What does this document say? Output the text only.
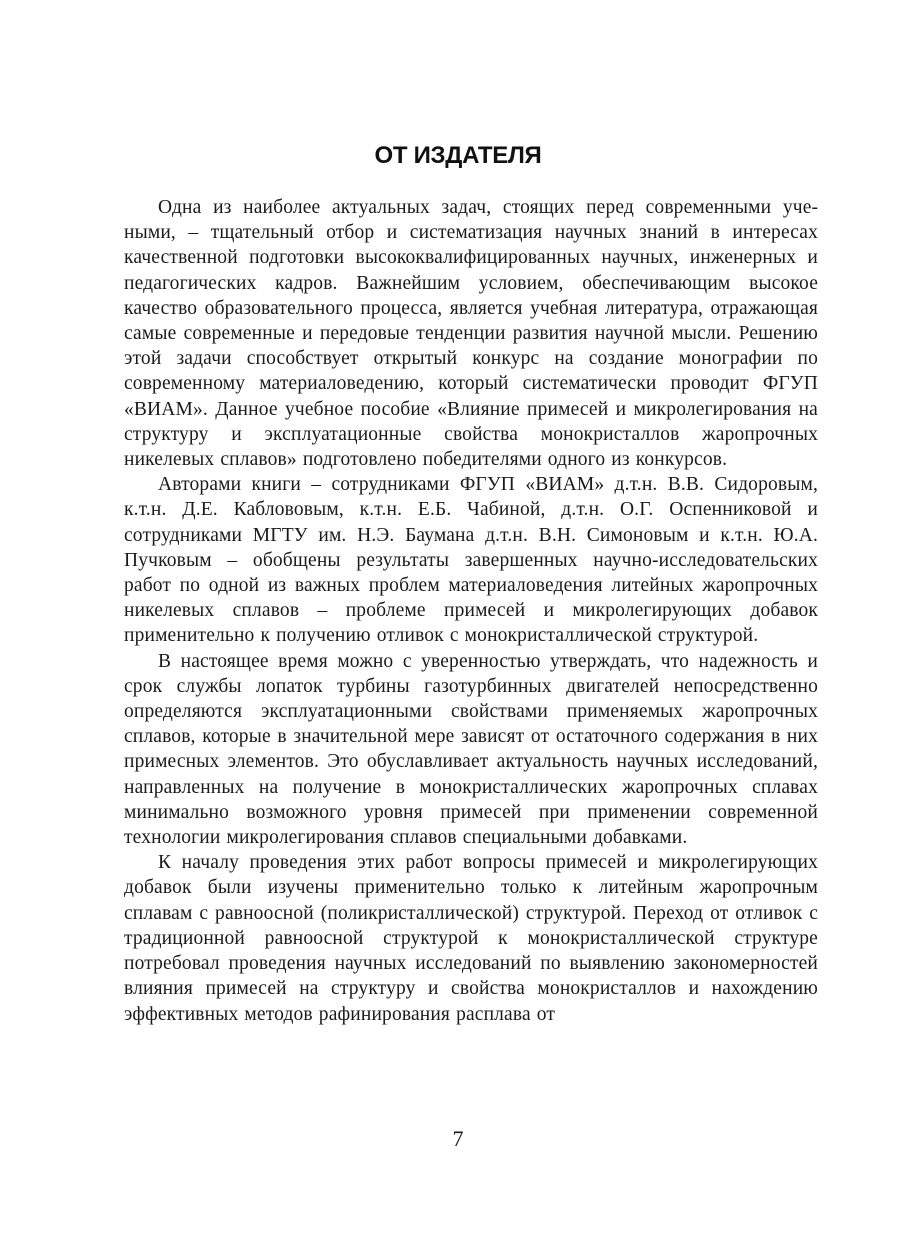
ОТ ИЗДАТЕЛЯ

Одна из наиболее актуальных задач, стоящих перед современными учеными, – тщательный отбор и систематизация научных знаний в интересах качественной подготовки высококвалифицированных научных, инженерных и педагогических кадров. Важнейшим условием, обеспечивающим высокое качество образовательного процесса, является учебная литература, отражающая самые современные и передовые тенденции развития научной мысли. Решению этой задачи способствует открытый конкурс на создание монографии по современному материаловедению, который систематически проводит ФГУП «ВИАМ». Данное учебное пособие «Влияние примесей и микролегирования на структуру и эксплуатационные свойства монокристаллов жаропрочных никелевых сплавов» подготовлено победителями одного из конкурсов.

Авторами книги – сотрудниками ФГУП «ВИАМ» д.т.н. В.В. Сидоровым, к.т.н. Д.Е. Каблововым, к.т.н. Е.Б. Чабиной, д.т.н. О.Г. Оспенниковой и сотрудниками МГТУ им. Н.Э. Баумана д.т.н. В.Н. Симоновым и к.т.н. Ю.А. Пучковым – обобщены результаты завершенных научно-исследовательских работ по одной из важных проблем материаловедения литейных жаропрочных никелевых сплавов – проблеме примесей и микролегирующих добавок применительно к получению отливок с монокристаллической структурой.

В настоящее время можно с уверенностью утверждать, что надежность и срок службы лопаток турбины газотурбинных двигателей непосредственно определяются эксплуатационными свойствами применяемых жаропрочных сплавов, которые в значительной мере зависят от остаточного содержания в них примесных элементов. Это обуславливает актуальность научных исследований, направленных на получение в монокристаллических жаропрочных сплавах минимально возможного уровня примесей при применении современной технологии микролегирования сплавов специальными добавками.

К началу проведения этих работ вопросы примесей и микролегирующих добавок были изучены применительно только к литейным жаропрочным сплавам с равноосной (поликристаллической) структурой. Переход от отливок с традиционной равноосной структурой к монокристаллической структуре потребовал проведения научных исследований по выявлению закономерностей влияния примесей на структуру и свойства монокристаллов и нахождению эффективных методов рафинирования расплава от

7
